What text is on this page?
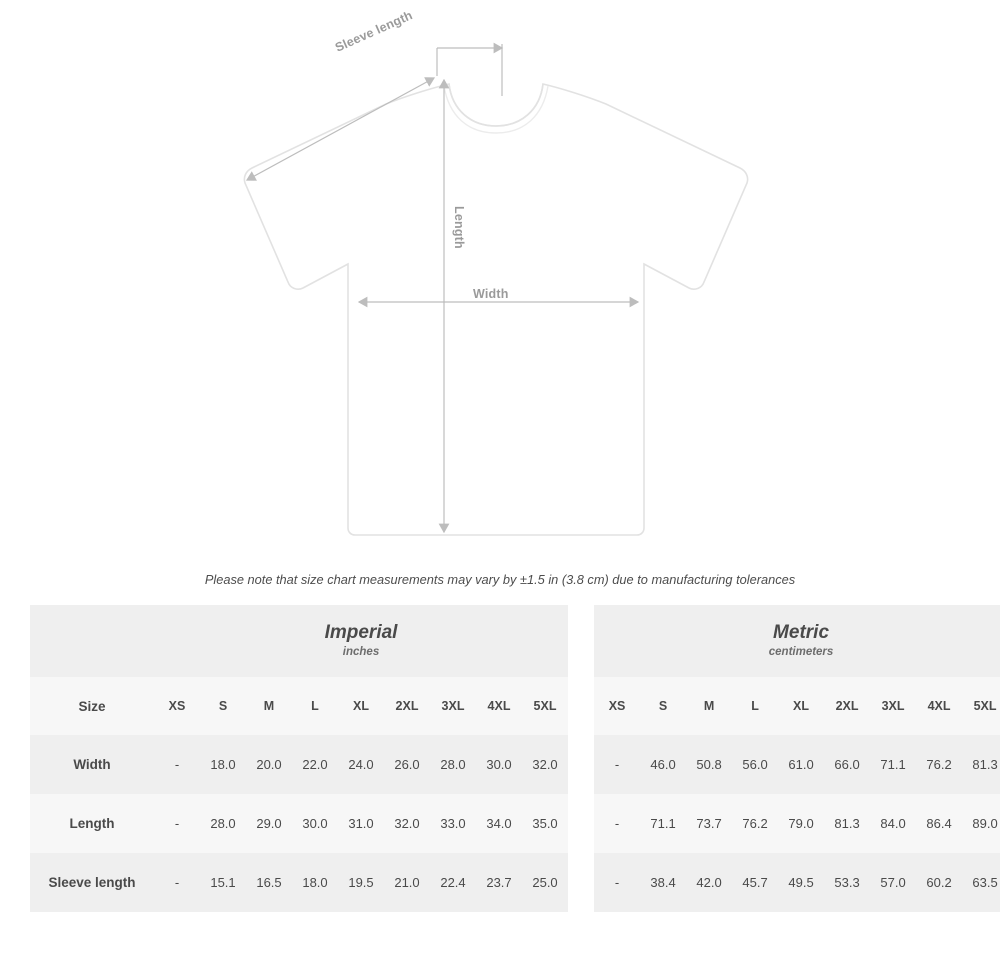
Sleeve length
Length
Width
Please note that size chart measurements may vary by ±1.5 in (3.8 cm) due to manufacturing tolerances

Imperial
inches

Metric
centimeters

Size	XS	S	M	L	XL	2XL	3XL	4XL	5XL		XS	S	M	L	XL	2XL	3XL	4XL	5XL
Width	-	18.0	20.0	22.0	24.0	26.0	28.0	30.0	32.0		-	46.0	50.8	56.0	61.0	66.0	71.1	76.2	81.3
Length	-	28.0	29.0	30.0	31.0	32.0	33.0	34.0	35.0		-	71.1	73.7	76.2	79.0	81.3	84.0	86.4	89.0
Sleeve length	-	15.1	16.5	18.0	19.5	21.0	22.4	23.7	25.0		-	38.4	42.0	45.7	49.5	53.3	57.0	60.2	63.5
